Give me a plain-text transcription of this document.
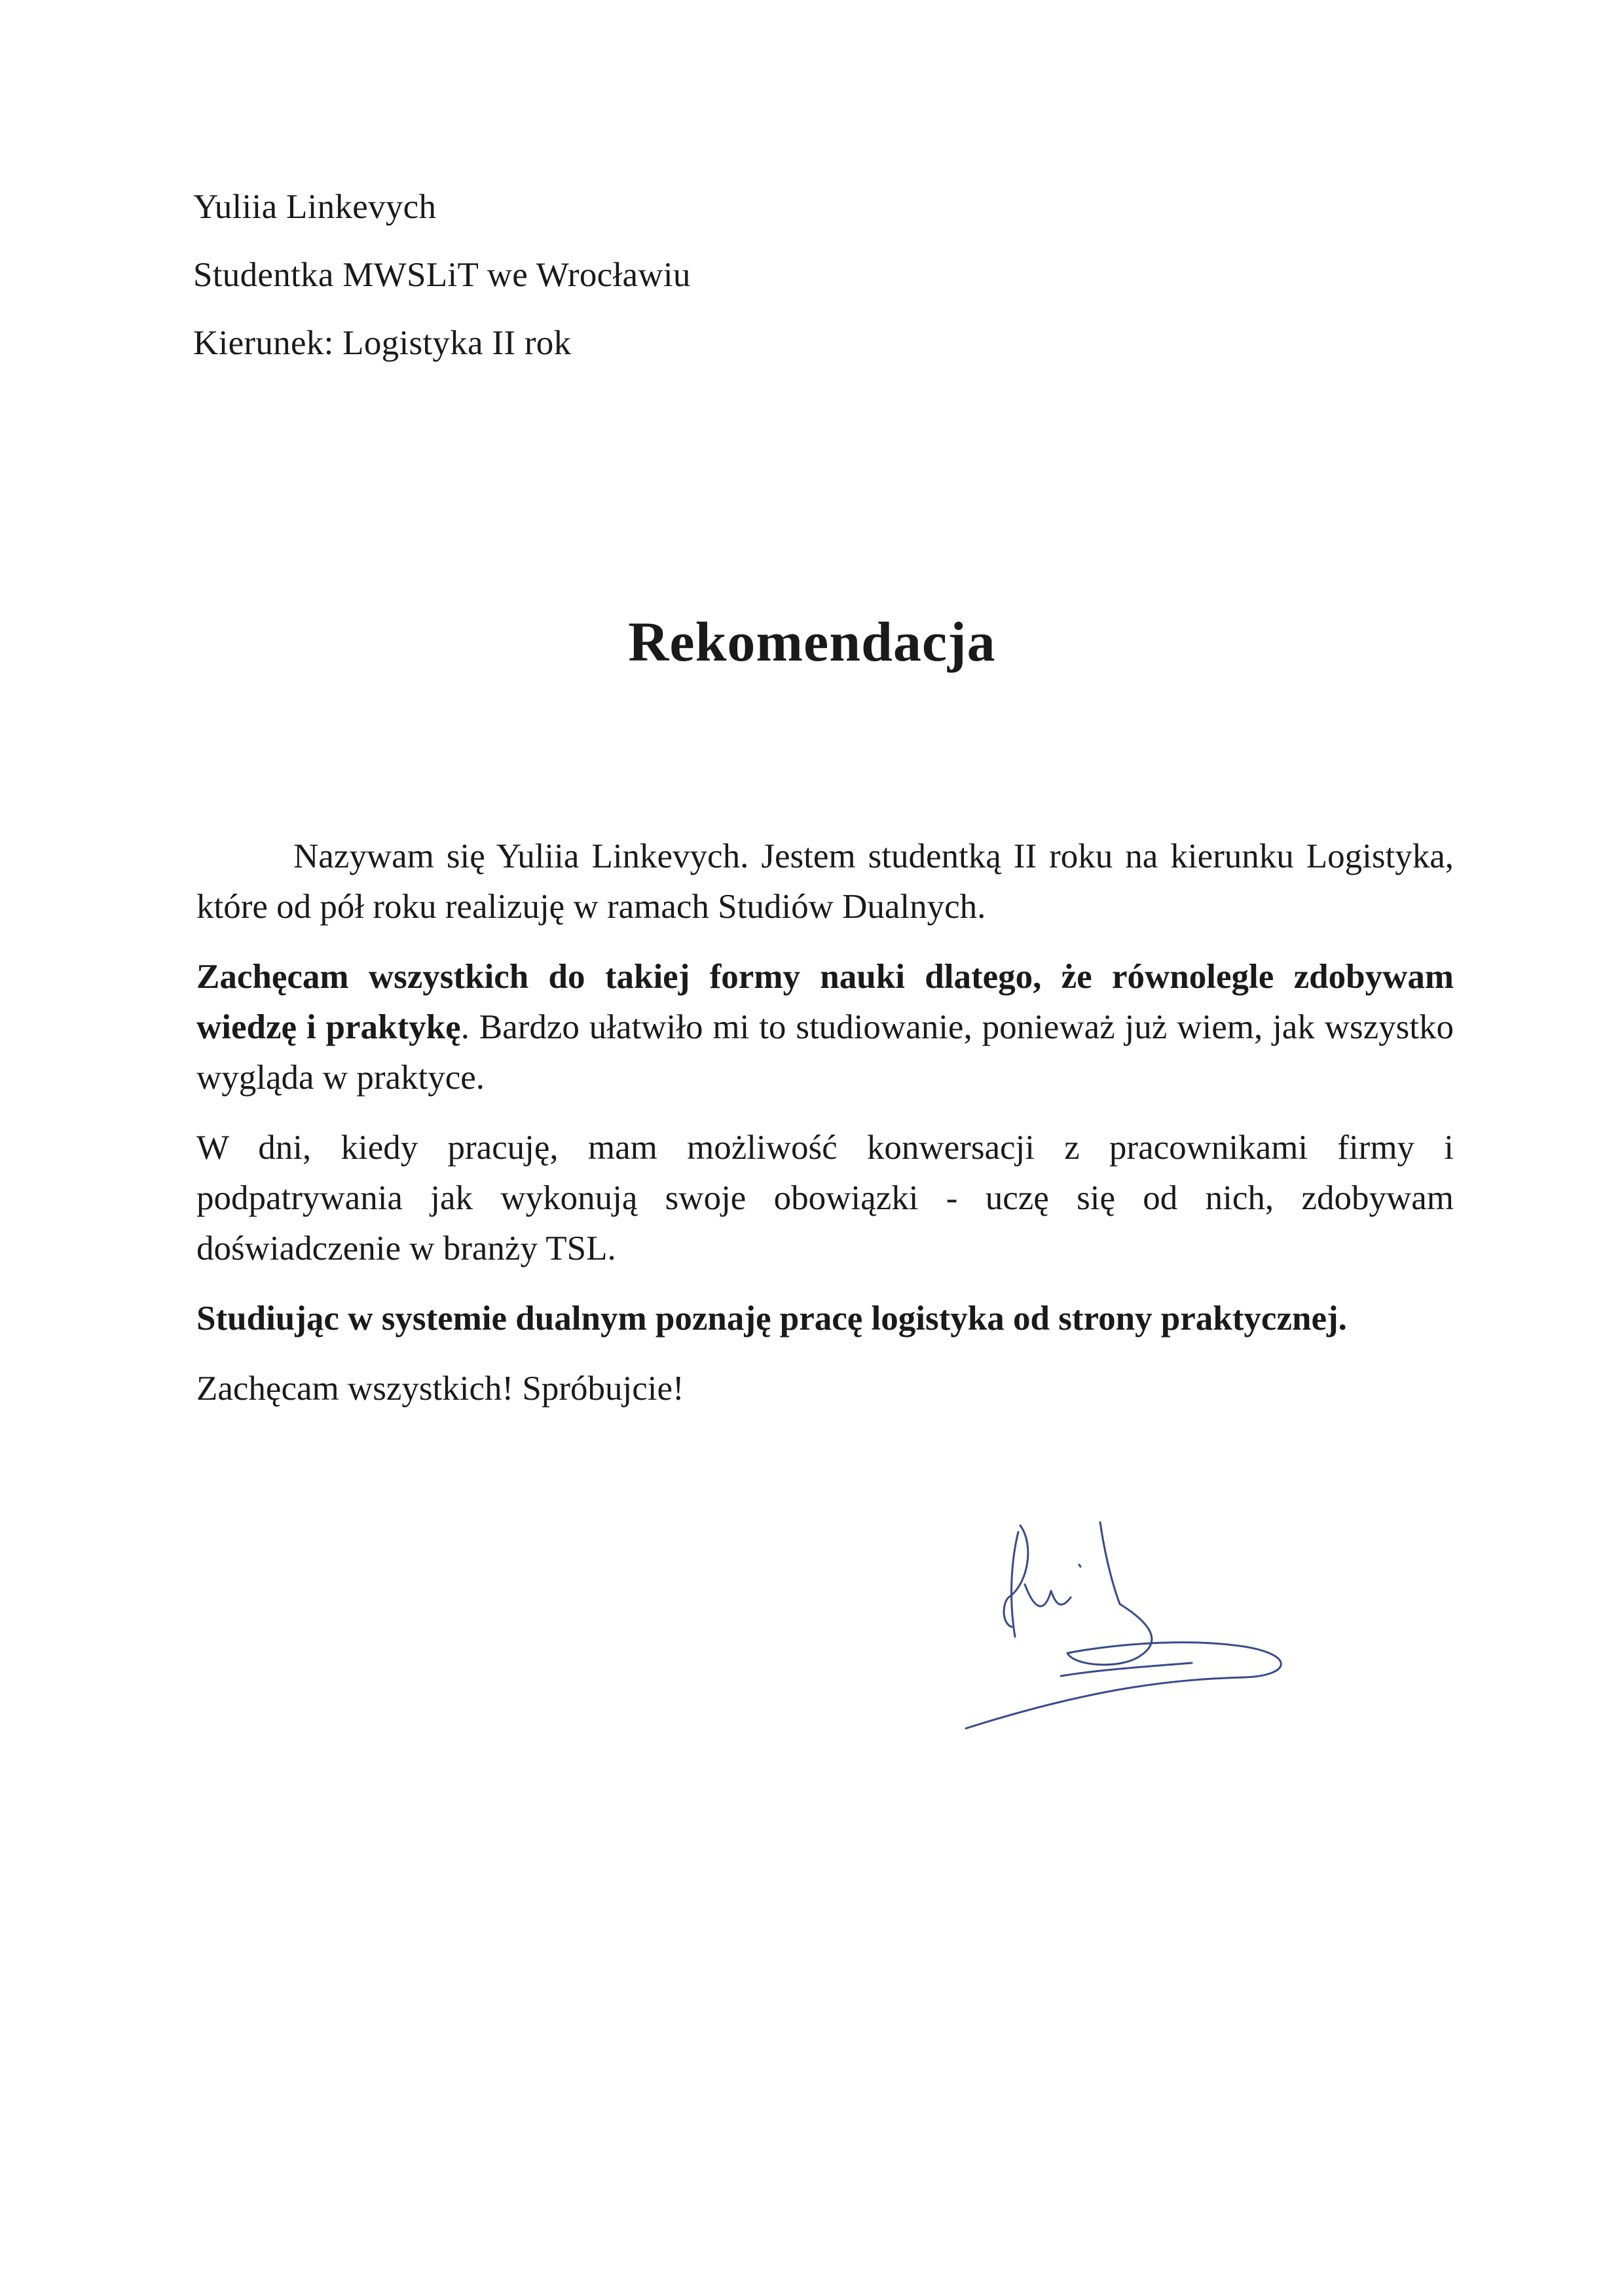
Yuliia Linkevych
Studentka MWSLiT we Wrocławiu
Kierunek: Logistyka II rok
Rekomendacja

Nazywam się Yuliia Linkevych. Jestem studentką II roku na kierunku Logistyka, które od pół roku realizuję w ramach Studiów Dualnych.

Zachęcam wszystkich do takiej formy nauki dlatego, że równolegle zdobywam wiedzę i praktykę. Bardzo ułatwiło mi to studiowanie, ponieważ już wiem, jak wszystko wygląda w praktyce.

W dni, kiedy pracuję, mam możliwość konwersacji z pracownikami firmy i podpatrywania jak wykonują swoje obowiązki - uczę się od nich, zdobywam doświadczenie w branży TSL.

Studiując w systemie dualnym poznaję pracę logistyka od strony praktycznej.

Zachęcam wszystkich! Spróbujcie!
